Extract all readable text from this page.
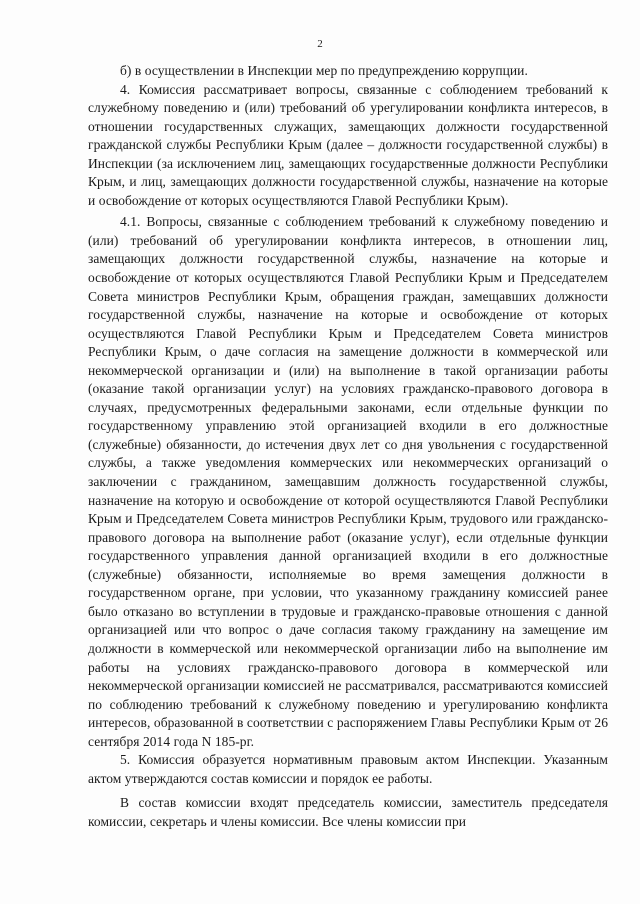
2

б) в осуществлении в Инспекции мер по предупреждению коррупции.

4. Комиссия рассматривает вопросы, связанные с соблюдением требований к служебному поведению и (или) требований об урегулировании конфликта интересов, в отношении государственных служащих, замещающих должности государственной гражданской службы Республики Крым (далее – должности государственной службы) в Инспекции (за исключением лиц, замещающих государственные должности Республики Крым, и лиц, замещающих должности государственной службы, назначение на которые и освобождение от которых осуществляются Главой Республики Крым).

4.1. Вопросы, связанные с соблюдением требований к служебному поведению и (или) требований об урегулировании конфликта интересов, в отношении лиц, замещающих должности государственной службы, назначение на которые и освобождение от которых осуществляются Главой Республики Крым и Председателем Совета министров Республики Крым, обращения граждан, замещавших должности государственной службы, назначение на которые и освобождение от которых осуществляются Главой Республики Крым и Председателем Совета министров Республики Крым, о даче согласия на замещение должности в коммерческой или некоммерческой организации и (или) на выполнение в такой организации работы (оказание такой организации услуг) на условиях гражданско-правового договора в случаях, предусмотренных федеральными законами, если отдельные функции по государственному управлению этой организацией входили в его должностные (служебные) обязанности, до истечения двух лет со дня увольнения с государственной службы, а также уведомления коммерческих или некоммерческих организаций о заключении с гражданином, замещавшим должность государственной службы, назначение на которую и освобождение от которой осуществляются Главой Республики Крым и Председателем Совета министров Республики Крым, трудового или гражданско-правового договора на выполнение работ (оказание услуг), если отдельные функции государственного управления данной организацией входили в его должностные (служебные) обязанности, исполняемые во время замещения должности в государственном органе, при условии, что указанному гражданину комиссией ранее было отказано во вступлении в трудовые и гражданско-правовые отношения с данной организацией или что вопрос о даче согласия такому гражданину на замещение им должности в коммерческой или некоммерческой организации либо на выполнение им работы на условиях гражданско-правового договора в коммерческой или некоммерческой организации комиссией не рассматривался, рассматриваются комиссией по соблюдению требований к служебному поведению и урегулированию конфликта интересов, образованной в соответствии с распоряжением Главы Республики Крым от 26 сентября 2014 года N 185-рг.

5. Комиссия образуется нормативным правовым актом Инспекции. Указанным актом утверждаются состав комиссии и порядок ее работы.

В состав комиссии входят председатель комиссии, заместитель председателя комиссии, секретарь и члены комиссии. Все члены комиссии при
